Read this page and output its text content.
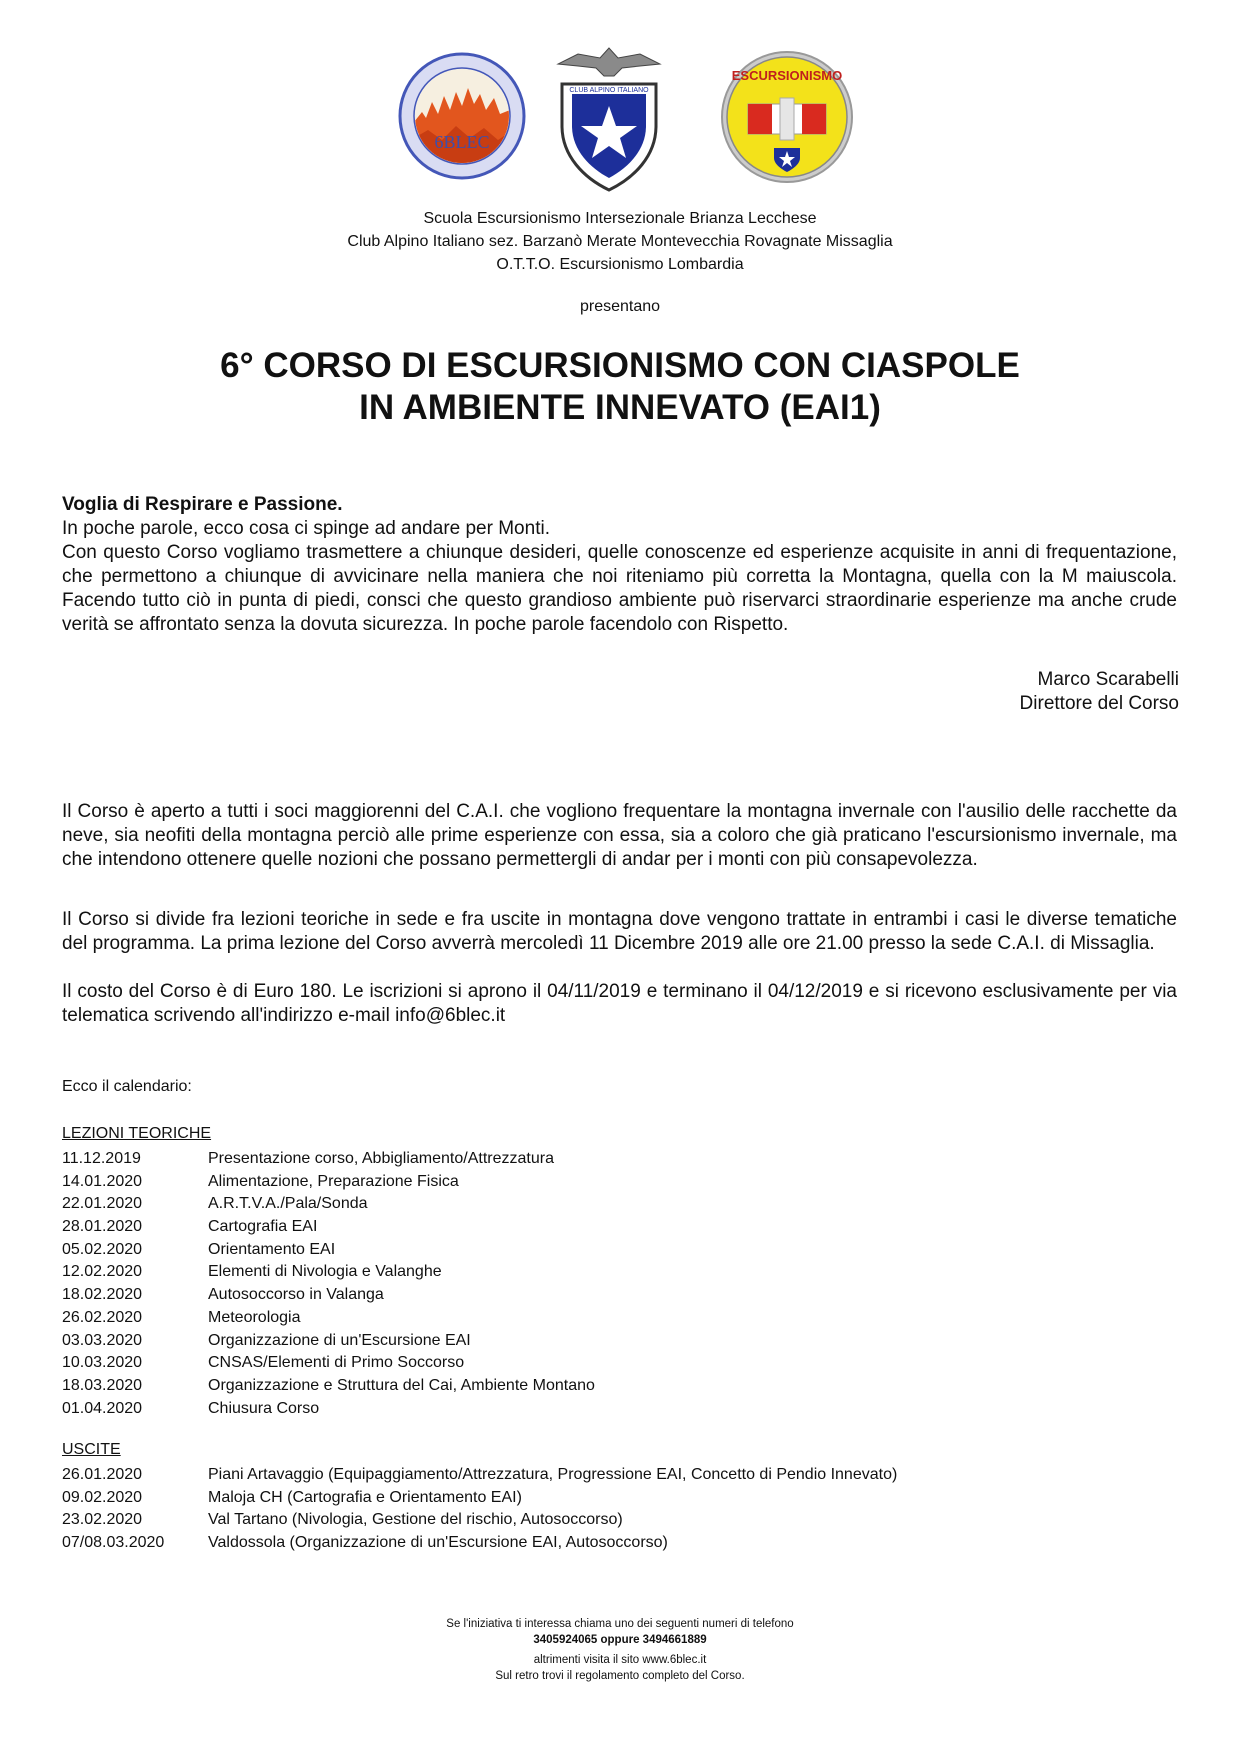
6BLEC
CLUB ALPINO ITALIANO
ESCURSIONISMO
Scuola Escursionismo Intersezionale Brianza Lecchese
Club Alpino Italiano sez. Barzanò Merate Montevecchia Rovagnate Missaglia
O.T.T.O. Escursionismo Lombardia
presentano
6° CORSO DI ESCURSIONISMO CON CIASPOLE
IN AMBIENTE INNEVATO (EAI1)
Voglia di Respirare e Passione.
In poche parole, ecco cosa ci spinge ad andare per Monti.
Con questo Corso vogliamo trasmettere a chiunque desideri, quelle conoscenze ed esperienze acquisite in anni di frequentazione, che permettono a chiunque di avvicinare nella maniera che noi riteniamo più corretta la Montagna, quella con la M maiuscola. Facendo tutto ciò in punta di piedi, consci che questo grandioso ambiente può riservarci straordinarie esperienze ma anche crude verità se affrontato senza la dovuta sicurezza. In poche parole facendolo con Rispetto.
Marco Scarabelli
Direttore del Corso
Il Corso è aperto a tutti i soci maggiorenni del C.A.I. che vogliono frequentare la montagna invernale con l'ausilio delle racchette da neve, sia neofiti della montagna perciò alle prime esperienze con essa, sia a coloro che già praticano l'escursionismo invernale, ma che intendono ottenere quelle nozioni che possano permettergli di andar per i monti con più consapevolezza.
Il Corso si divide fra lezioni teoriche in sede e fra uscite in montagna dove vengono trattate in entrambi i casi le diverse tematiche del programma. La prima lezione del Corso avverrà mercoledì 11 Dicembre 2019 alle ore 21.00 presso la sede C.A.I. di Missaglia.
Il costo del Corso è di Euro 180. Le iscrizioni si aprono il 04/11/2019 e terminano il 04/12/2019 e si ricevono esclusivamente per via telematica scrivendo all'indirizzo e-mail info@6blec.it
Ecco il calendario:
LEZIONI TEORICHE
11.12.2019	Presentazione corso, Abbigliamento/Attrezzatura
14.01.2020	Alimentazione, Preparazione Fisica
22.01.2020	A.R.T.V.A./Pala/Sonda
28.01.2020	Cartografia EAI
05.02.2020	Orientamento EAI
12.02.2020	Elementi di Nivologia e Valanghe
18.02.2020	Autosoccorso in Valanga
26.02.2020	Meteorologia
03.03.2020	Organizzazione di un'Escursione EAI
10.03.2020	CNSAS/Elementi di Primo Soccorso
18.03.2020	Organizzazione e Struttura del Cai, Ambiente Montano
01.04.2020	Chiusura Corso
USCITE
26.01.2020	Piani Artavaggio (Equipaggiamento/Attrezzatura, Progressione EAI, Concetto di Pendio Innevato)
09.02.2020	Maloja CH (Cartografia e Orientamento EAI)
23.02.2020	Val Tartano (Nivologia, Gestione del rischio, Autosoccorso)
07/08.03.2020	Valdossola (Organizzazione di un'Escursione EAI, Autosoccorso)
Se l'iniziativa ti interessa chiama uno dei seguenti numeri di telefono
3405924065 oppure 3494661889
altrimenti visita il sito www.6blec.it
Sul retro trovi il regolamento completo del Corso.
